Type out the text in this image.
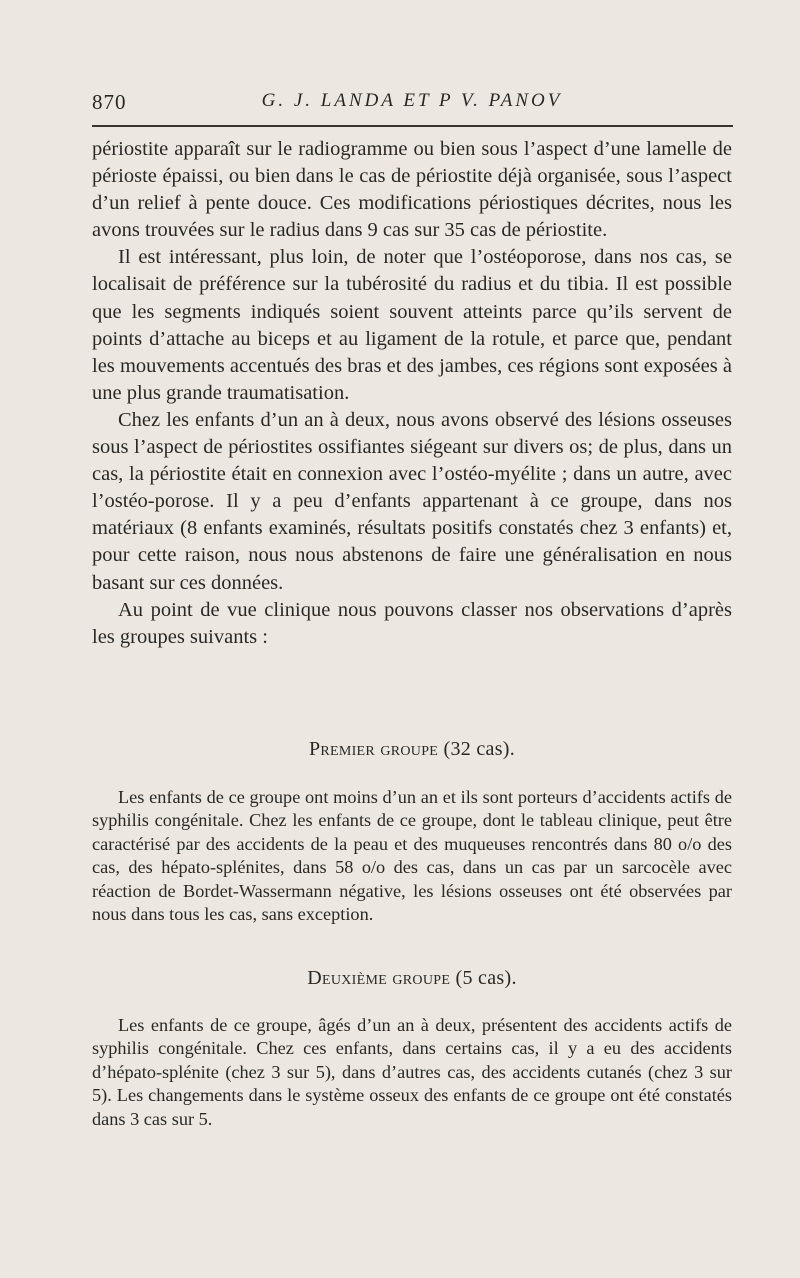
870	G. J. LANDA ET P V. PANOV

périostite apparaît sur le radiogramme ou bien sous l’aspect d’une lamelle de périoste épaissi, ou bien dans le cas de périostite déjà organisée, sous l’aspect d’un relief à pente douce. Ces modifications périostiques décrites, nous les avons trouvées sur le radius dans 9 cas sur 35 cas de périostite.

Il est intéressant, plus loin, de noter que l’ostéoporose, dans nos cas, se localisait de préférence sur la tubérosité du radius et du tibia. Il est possible que les segments indiqués soient souvent atteints parce qu’ils servent de points d’attache au biceps et au ligament de la rotule, et parce que, pendant les mouvements accentués des bras et des jambes, ces régions sont exposées à une plus grande traumatisation.

Chez les enfants d’un an à deux, nous avons observé des lésions osseuses sous l’aspect de périostites ossifiantes siégeant sur divers os; de plus, dans un cas, la périostite était en connexion avec l’ostéo-myélite ; dans un autre, avec l’ostéo-porose. Il y a peu d’enfants appartenant à ce groupe, dans nos matériaux (8 enfants examinés, résultats positifs constatés chez 3 enfants) et, pour cette raison, nous nous abstenons de faire une généralisation en nous basant sur ces données.

Au point de vue clinique nous pouvons classer nos observations d’après les groupes suivants :

Premier groupe (32 cas).

Les enfants de ce groupe ont moins d’un an et ils sont porteurs d’accidents actifs de syphilis congénitale. Chez les enfants de ce groupe, dont le tableau clinique, peut être caractérisé par des accidents de la peau et des muqueuses rencontrés dans 80 o/o des cas, des hépato-splénites, dans 58 o/o des cas, dans un cas par un sarcocèle avec réaction de Bordet-Wassermann négative, les lésions osseuses ont été observées par nous dans tous les cas, sans exception.

Deuxième groupe (5 cas).

Les enfants de ce groupe, âgés d’un an à deux, présentent des accidents actifs de syphilis congénitale. Chez ces enfants, dans certains cas, il y a eu des accidents d’hépato-splénite (chez 3 sur 5), dans d’autres cas, des accidents cutanés (chez 3 sur 5). Les changements dans le système osseux des enfants de ce groupe ont été constatés dans 3 cas sur 5.
